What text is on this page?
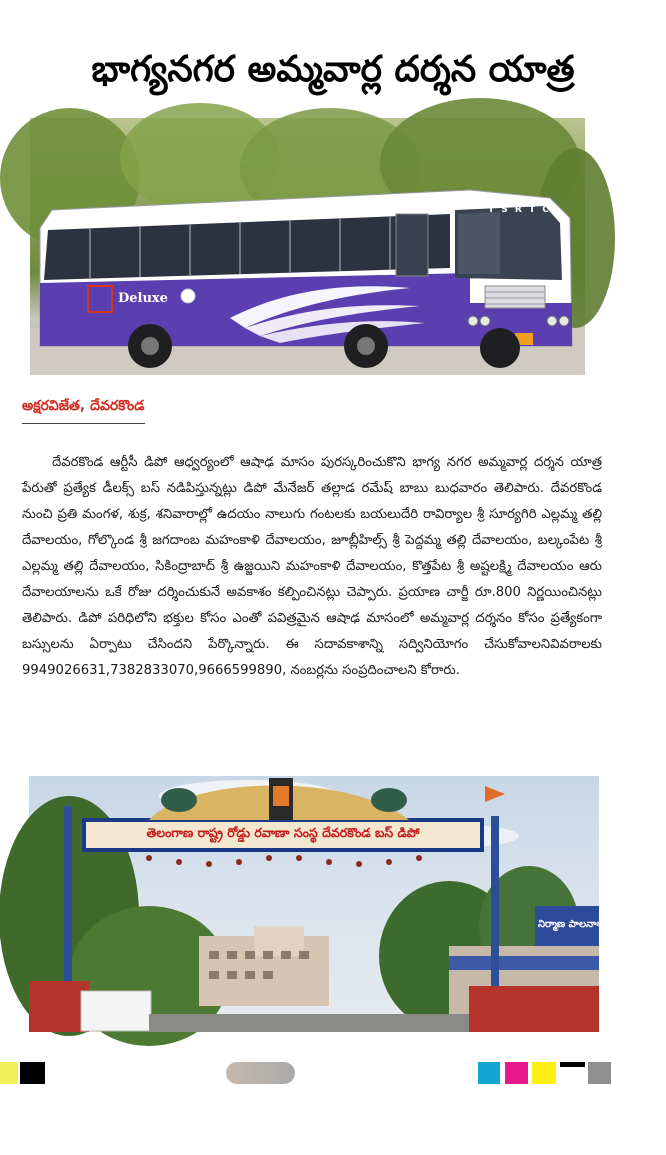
భాగ్యనగర అమ్మవార్ల దర్శన యాత్ర
Deluxe
T S R T C
అక్షరవిజేత, దేవరకొండ

దేవరకొండ ఆర్టీసీ డిపో ఆధ్వర్యంలో ఆషాఢ మాసం పురస్కరించుకొని భాగ్య నగర అమ్మవార్ల దర్శన యాత్ర పేరుతో ప్రత్యేక డీలక్స్ బస్ నడిపిస్తున్నట్లు డిపో మేనేజర్ తల్లాడ రమేష్ బాబు బుధవారం తెలిపారు. దేవరకొండ నుంచి ప్రతి మంగళ, శుక్ర, శనివారాల్లో ఉదయం నాలుగు గంటలకు బయలుదేరి రావిర్యాల శ్రీ సూర్యగిరి ఎల్లమ్మ తల్లి దేవాలయం, గోల్కొండ శ్రీ జగదాంబ మహంకాళి దేవాలయం, జూబ్లీహిల్స్ శ్రీ పెద్దమ్మ తల్లి దేవాలయం, బల్కంపేట శ్రీ ఎల్లమ్మ తల్లి దేవాలయం, సికింద్రాబాద్ శ్రీ ఉజ్జయిని మహంకాళి దేవాలయం, కొత్తపేట శ్రీ అష్టలక్ష్మి దేవాలయం ఆరు దేవాలయాలను ఒకే రోజు దర్శించుకునే అవకాశం కల్పించినట్లు చెప్పారు. ప్రయాణ చార్జీ రూ.800 నిర్ణయించినట్లు తెలిపారు. డిపో పరిధిలోని భక్తుల కోసం ఎంతో పవిత్రమైన ఆషాఢ మాసంలో అమ్మవార్ల దర్శనం కోసం ప్రత్యేకంగా బస్సులను ఏర్పాటు చేసిందని పేర్కొన్నారు. ఈ సదావకాశాన్ని సద్వినియోగం చేసుకోవాలనివివరాలకు 9949026631,7382833070,9666599890, నంబర్లను సంప్రదించాలని కోరారు.

తెలంగాణ రాష్ట్ర రోడ్డు రవాణా సంస్థ దేవరకొండ బస్ డిపో
నిర్మాణ పాలనాశాఖ
